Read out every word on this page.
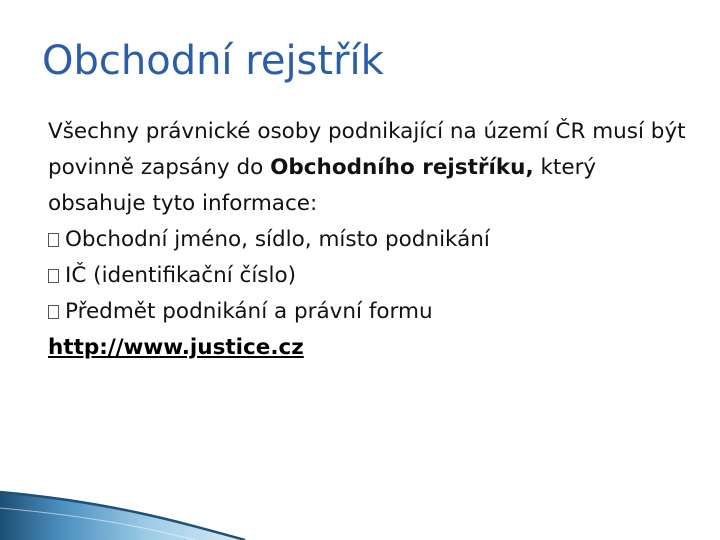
Obchodní rejstřík

Všechny právnické osoby podnikající na území ČR musí být povinně zapsány do Obchodního rejstříku, který obsahuje tyto informace:

Obchodní jméno, sídlo, místo podnikání
IČ (identifikační číslo)
Předmět podnikání a právní formu
http://www.justice.cz
